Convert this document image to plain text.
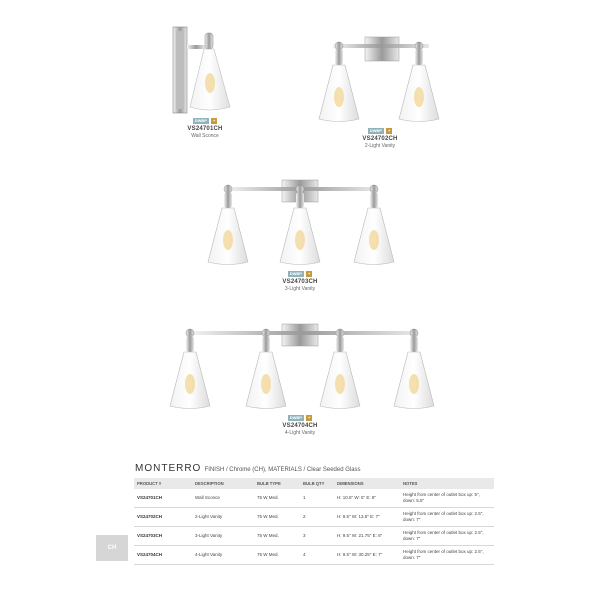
DWBP	+
VS24701CH
Wall Sconce
DWBP	+
VS24702CH
2-Light Vanity
DWBP	+
VS24703CH
3-Light Vanity
DWBP	+
VS24704CH
4-Light Vanity
MONTERRO FINISH / Chrome (CH), MATERIALS / Clear Seeded Glass
PRODUCT #	DESCRIPTION	BULB TYPE	BULB QTY	DIMENSIONS	NOTES
VS24701CH	Wall Sconce	75 W Med.	1	H: 10.5" W: 5" E: 8"	Height from center of outlet box up: 5", down: 5.5"
VS24702CH	2-Light Vanity	75 W Med.	2	H: 9.5" W: 13.5" E: 7"	Height from center of outlet box up: 2.5", down: 7"
VS24703CH	3-Light Vanity	75 W Med.	3	H: 9.5" W: 21.75" E: 8"	Height from center of outlet box up: 2.5", down: 7"
VS24704CH	4-Light Vanity	75 W Med.	4	H: 9.5" W: 30.25" E: 7"	Height from center of outlet box up: 2.5", down: 7"
CH
